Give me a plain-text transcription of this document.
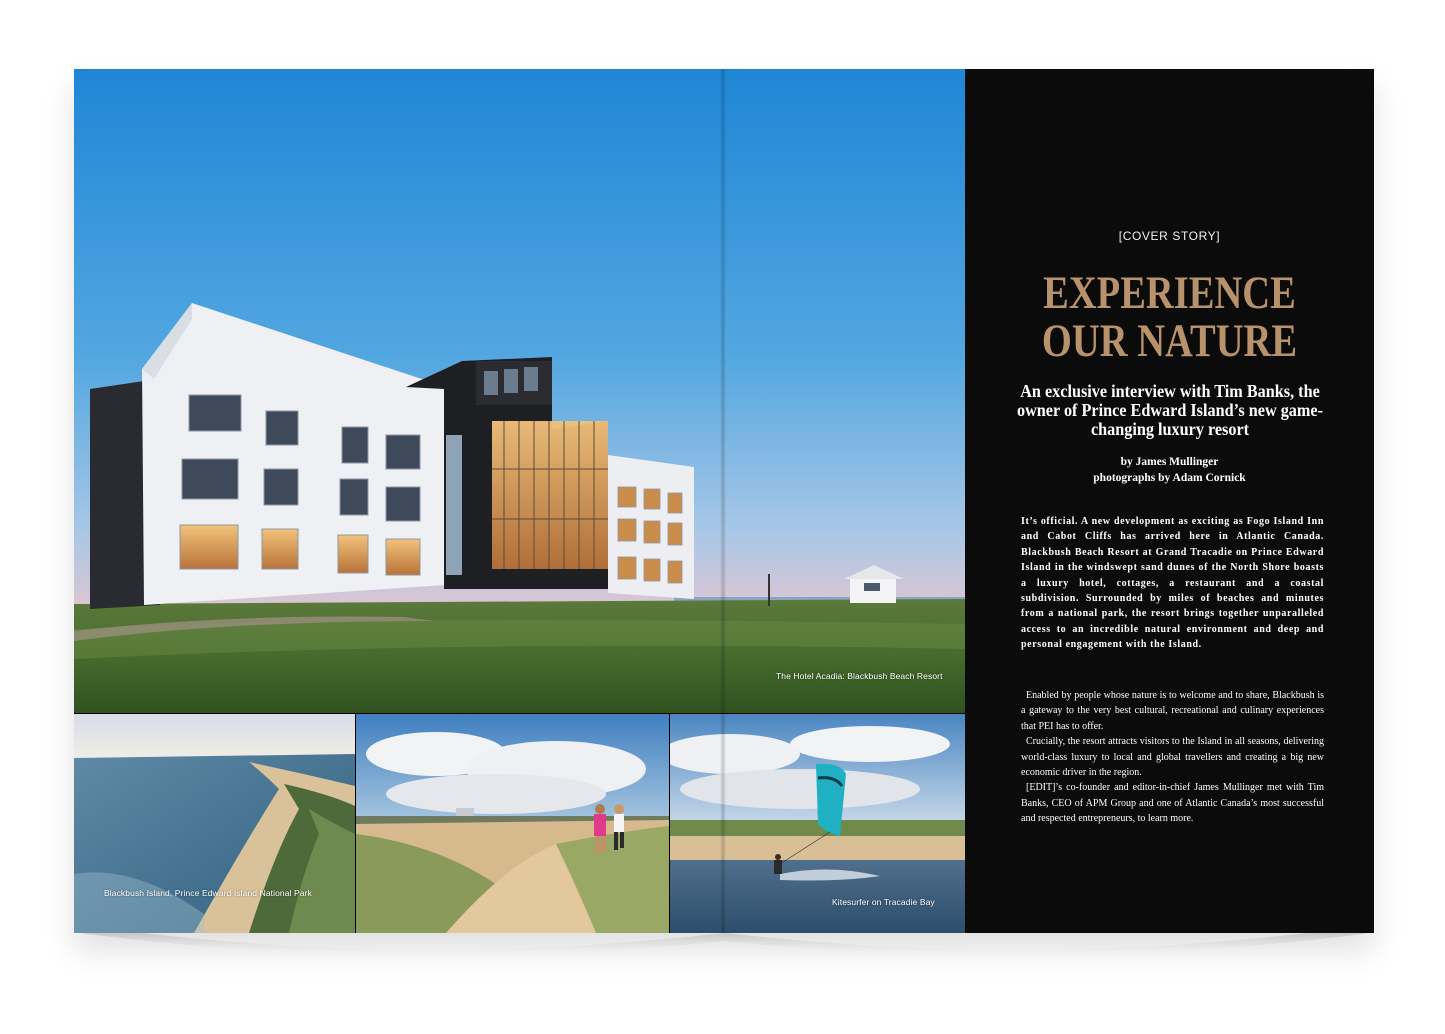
The Hotel Acadia: Blackbush Beach Resort
Blackbush Island, Prince Edward Island National Park
Kitesurfer on Tracadie Bay
[COVER STORY]
EXPERIENCE
OUR NATURE
An exclusive interview with Tim Banks, the owner of Prince Edward Island’s new game-changing luxury resort
by James Mullinger
photographs by Adam Cornick
It’s official. A new development as exciting as Fogo Island Inn and Cabot Cliffs has arrived here in Atlantic Canada. Blackbush Beach Resort at Grand Tracadie on Prince Edward Island in the windswept sand dunes of the North Shore boasts a luxury hotel, cottages, a restaurant and a coastal subdivision. Surrounded by miles of beaches and minutes from a national park, the resort brings together unparalleled access to an incredible natural environment and deep and personal engagement with the Island.

Enabled by people whose nature is to welcome and to share, Blackbush is a gateway to the very best cultural, recreational and culinary experiences that PEI has to offer.

Crucially, the resort attracts visitors to the Island in all seasons, delivering world-class luxury to local and global travellers and creating a big new economic driver in the region.

[EDIT]’s co-founder and editor-in-chief James Mullinger met with Tim Banks, CEO of APM Group and one of Atlantic Canada’s most successful and respected entrepreneurs, to learn more.
